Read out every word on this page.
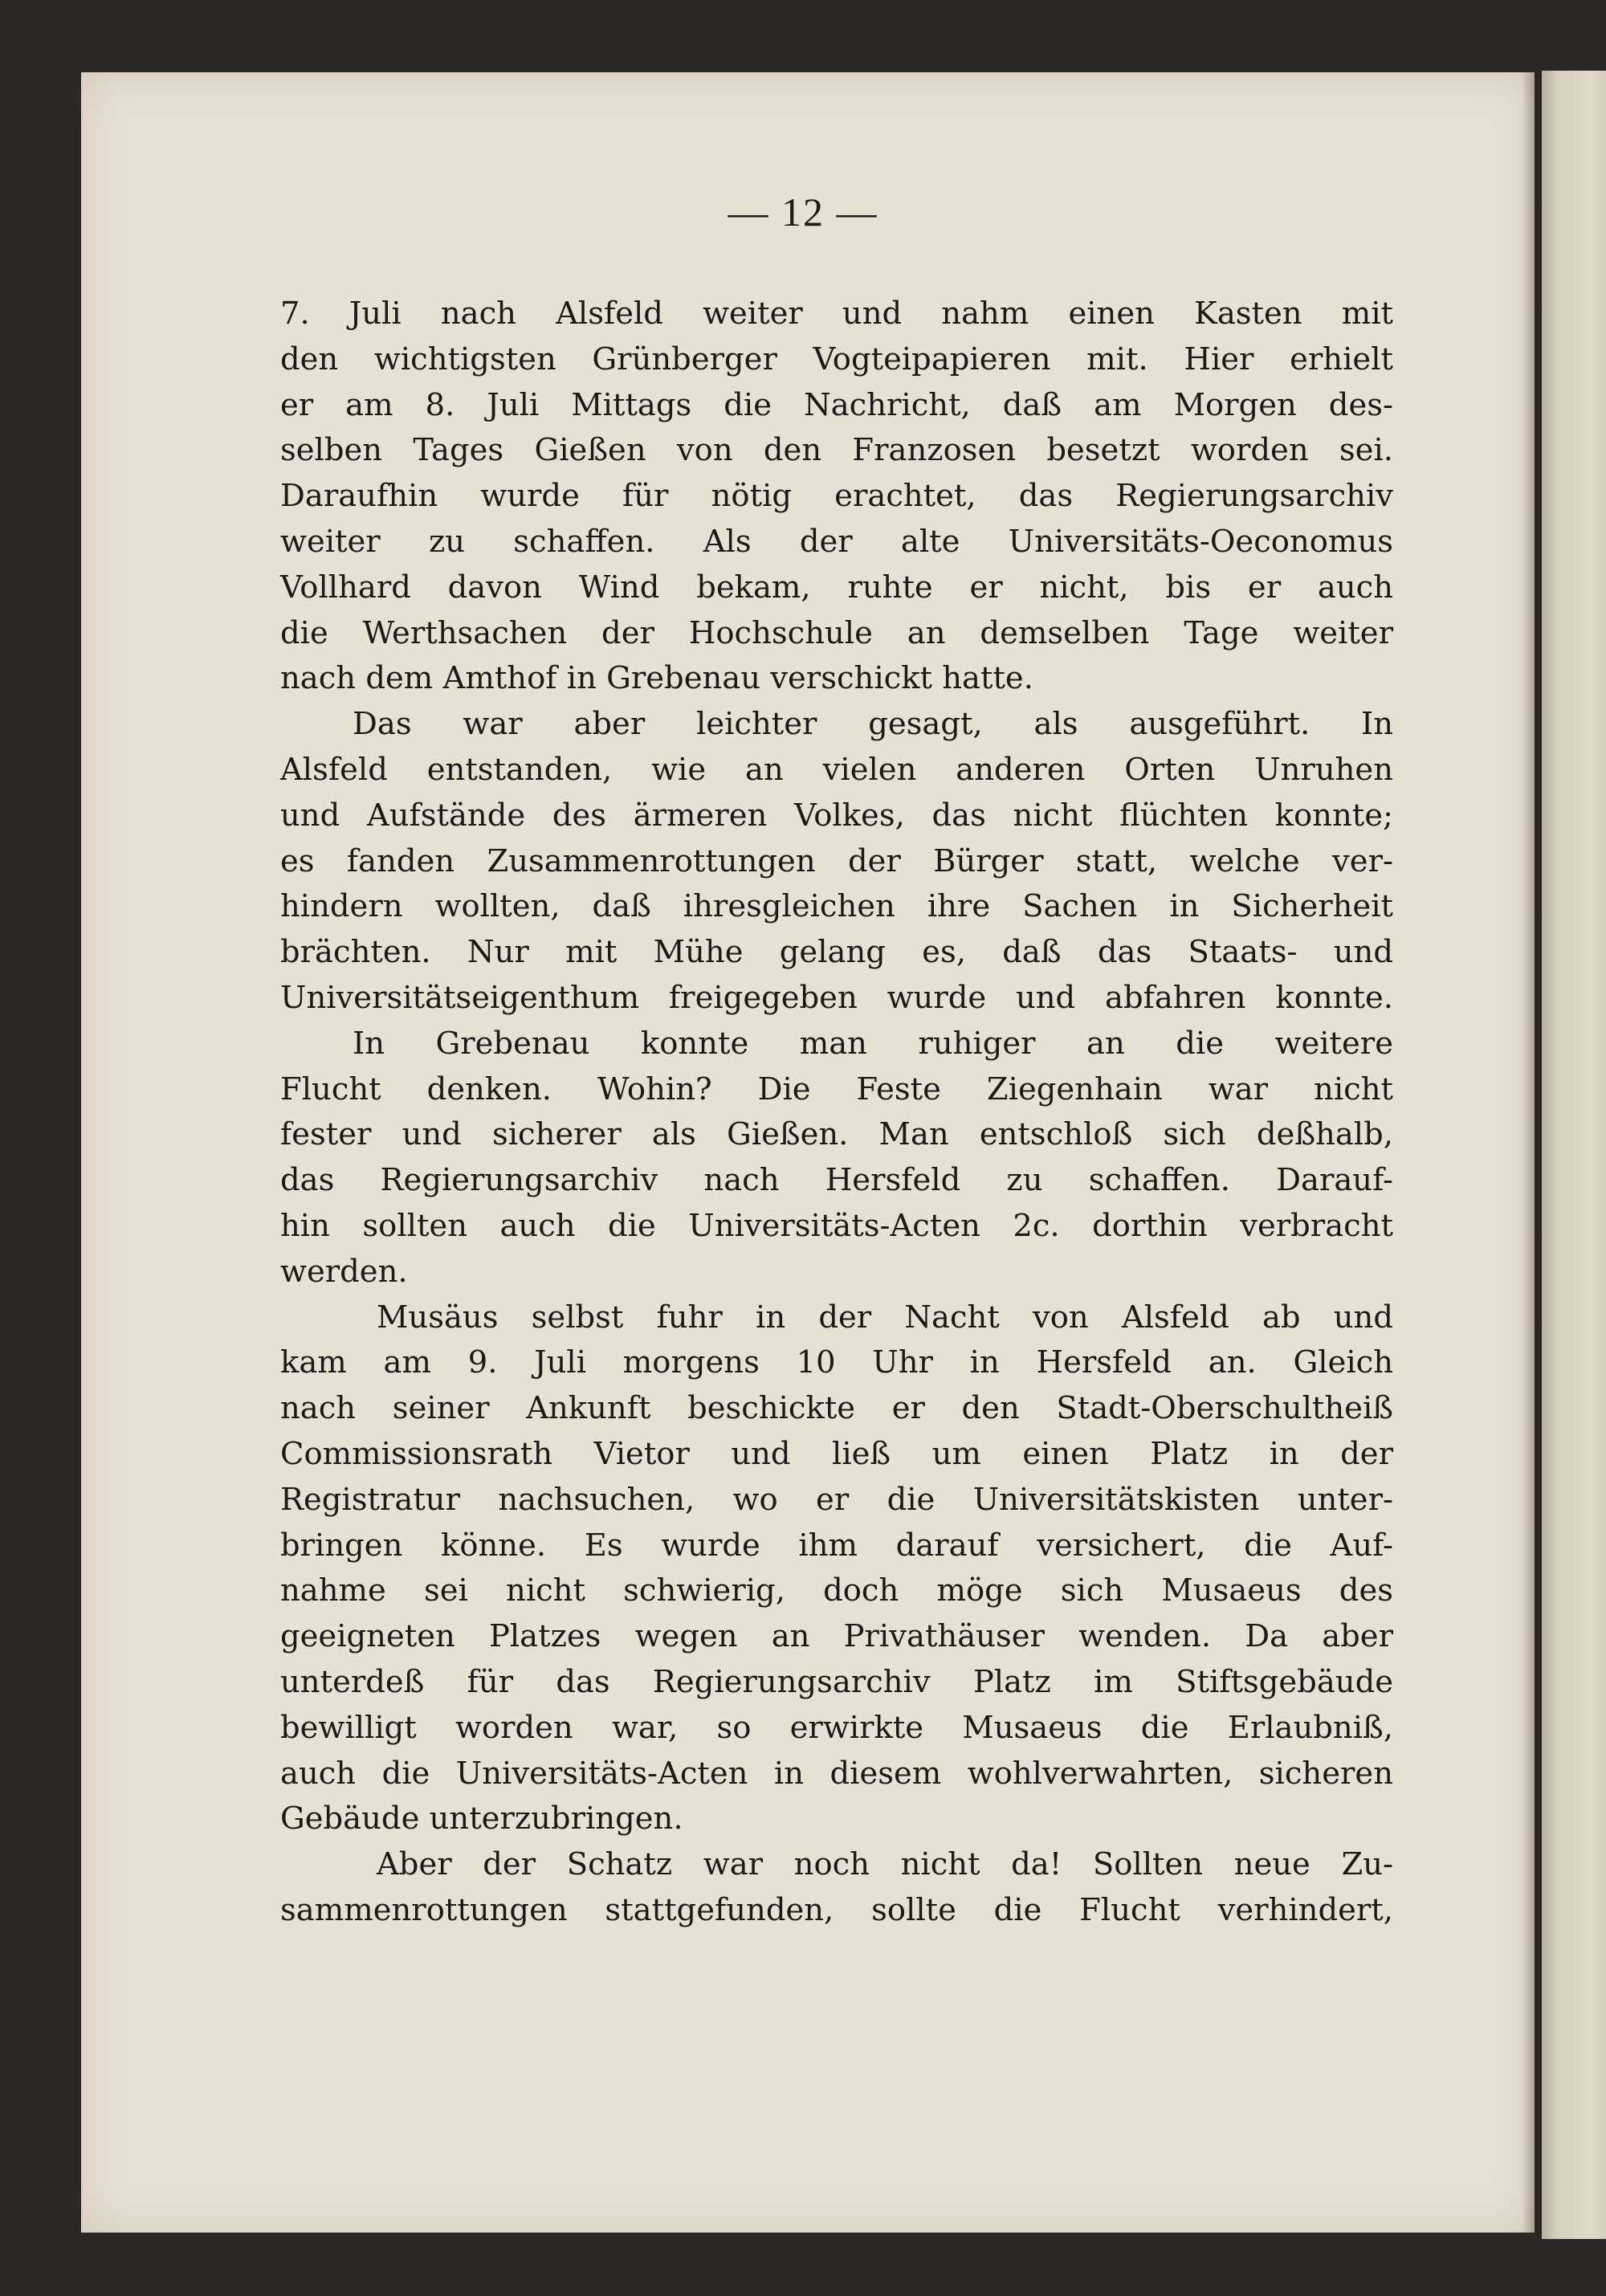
— 12 —
7. Juli nach Alsfeld weiter und nahm einen Kasten mit
den wichtigsten Grünberger Vogteipapieren mit. Hier erhielt
er am 8. Juli Mittags die Nachricht, daß am Morgen des-
selben Tages Gießen von den Franzosen besetzt worden sei.
Daraufhin wurde für nötig erachtet, das Regierungsarchiv
weiter zu schaffen. Als der alte Universitäts-Oeconomus
Vollhard davon Wind bekam, ruhte er nicht, bis er auch
die Werthsachen der Hochschule an demselben Tage weiter
nach dem Amthof in Grebenau verschickt hatte.
Das war aber leichter gesagt, als ausgeführt. In
Alsfeld entstanden, wie an vielen anderen Orten Unruhen
und Aufstände des ärmeren Volkes, das nicht flüchten konnte;
es fanden Zusammenrottungen der Bürger statt, welche ver-
hindern wollten, daß ihresgleichen ihre Sachen in Sicherheit
brächten. Nur mit Mühe gelang es, daß das Staats- und
Universitätseigenthum freigegeben wurde und abfahren konnte.
In Grebenau konnte man ruhiger an die weitere
Flucht denken. Wohin? Die Feste Ziegenhain war nicht
fester und sicherer als Gießen. Man entschloß sich deßhalb,
das Regierungsarchiv nach Hersfeld zu schaffen. Darauf-
hin sollten auch die Universitäts-Acten 2c. dorthin verbracht
werden.
Musäus selbst fuhr in der Nacht von Alsfeld ab und
kam am 9. Juli morgens 10 Uhr in Hersfeld an. Gleich
nach seiner Ankunft beschickte er den Stadt-Oberschultheiß
Commissionsrath Vietor und ließ um einen Platz in der
Registratur nachsuchen, wo er die Universitätskisten unter-
bringen könne. Es wurde ihm darauf versichert, die Auf-
nahme sei nicht schwierig, doch möge sich Musaeus des
geeigneten Platzes wegen an Privathäuser wenden. Da aber
unterdeß für das Regierungsarchiv Platz im Stiftsgebäude
bewilligt worden war, so erwirkte Musaeus die Erlaubniß,
auch die Universitäts-Acten in diesem wohlverwahrten, sicheren
Gebäude unterzubringen.
Aber der Schatz war noch nicht da! Sollten neue Zu-
sammenrottungen stattgefunden, sollte die Flucht verhindert,
